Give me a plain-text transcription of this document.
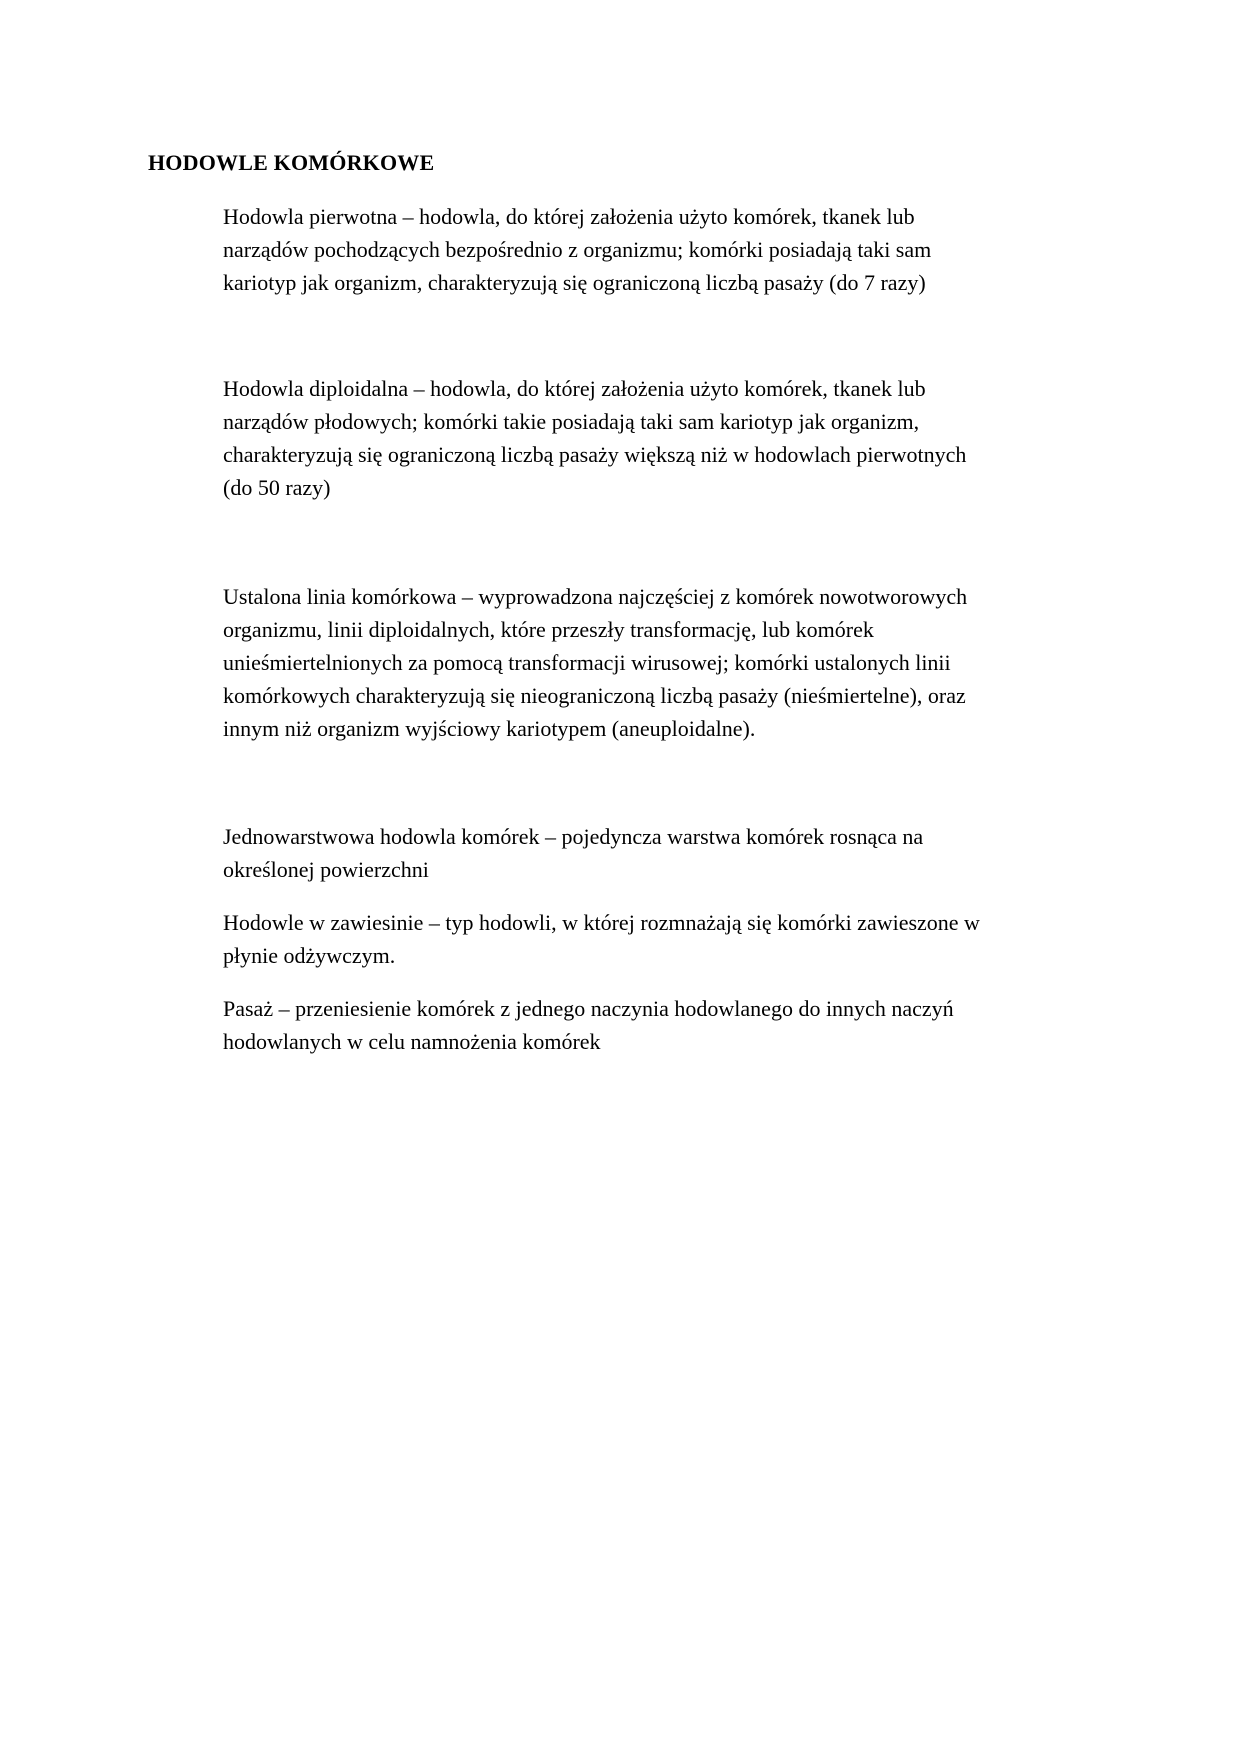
HODOWLE KOMÓRKOWE

Hodowla pierwotna – hodowla, do której założenia użyto komórek, tkanek lub
narządów pochodzących bezpośrednio z organizmu; komórki posiadają taki sam
kariotyp jak organizm, charakteryzują się ograniczoną liczbą pasaży (do 7 razy)

Hodowla diploidalna – hodowla, do której założenia użyto komórek, tkanek lub
narządów płodowych; komórki takie posiadają taki sam kariotyp jak organizm,
charakteryzują się ograniczoną liczbą pasaży większą niż w hodowlach pierwotnych
(do 50 razy)

Ustalona linia komórkowa – wyprowadzona najczęściej z komórek nowotworowych
organizmu, linii diploidalnych, które przeszły transformację, lub komórek
unieśmiertelnionych za pomocą transformacji wirusowej; komórki ustalonych linii
komórkowych charakteryzują się nieograniczoną liczbą pasaży (nieśmiertelne), oraz
innym niż organizm wyjściowy kariotypem (aneuploidalne).

Jednowarstwowa hodowla komórek – pojedyncza warstwa komórek rosnąca na
określonej powierzchni

Hodowle w zawiesinie – typ hodowli, w której rozmnażają się komórki zawieszone w
płynie odżywczym.

Pasaż – przeniesienie komórek z jednego naczynia hodowlanego do innych naczyń
hodowlanych w celu namnożenia komórek
